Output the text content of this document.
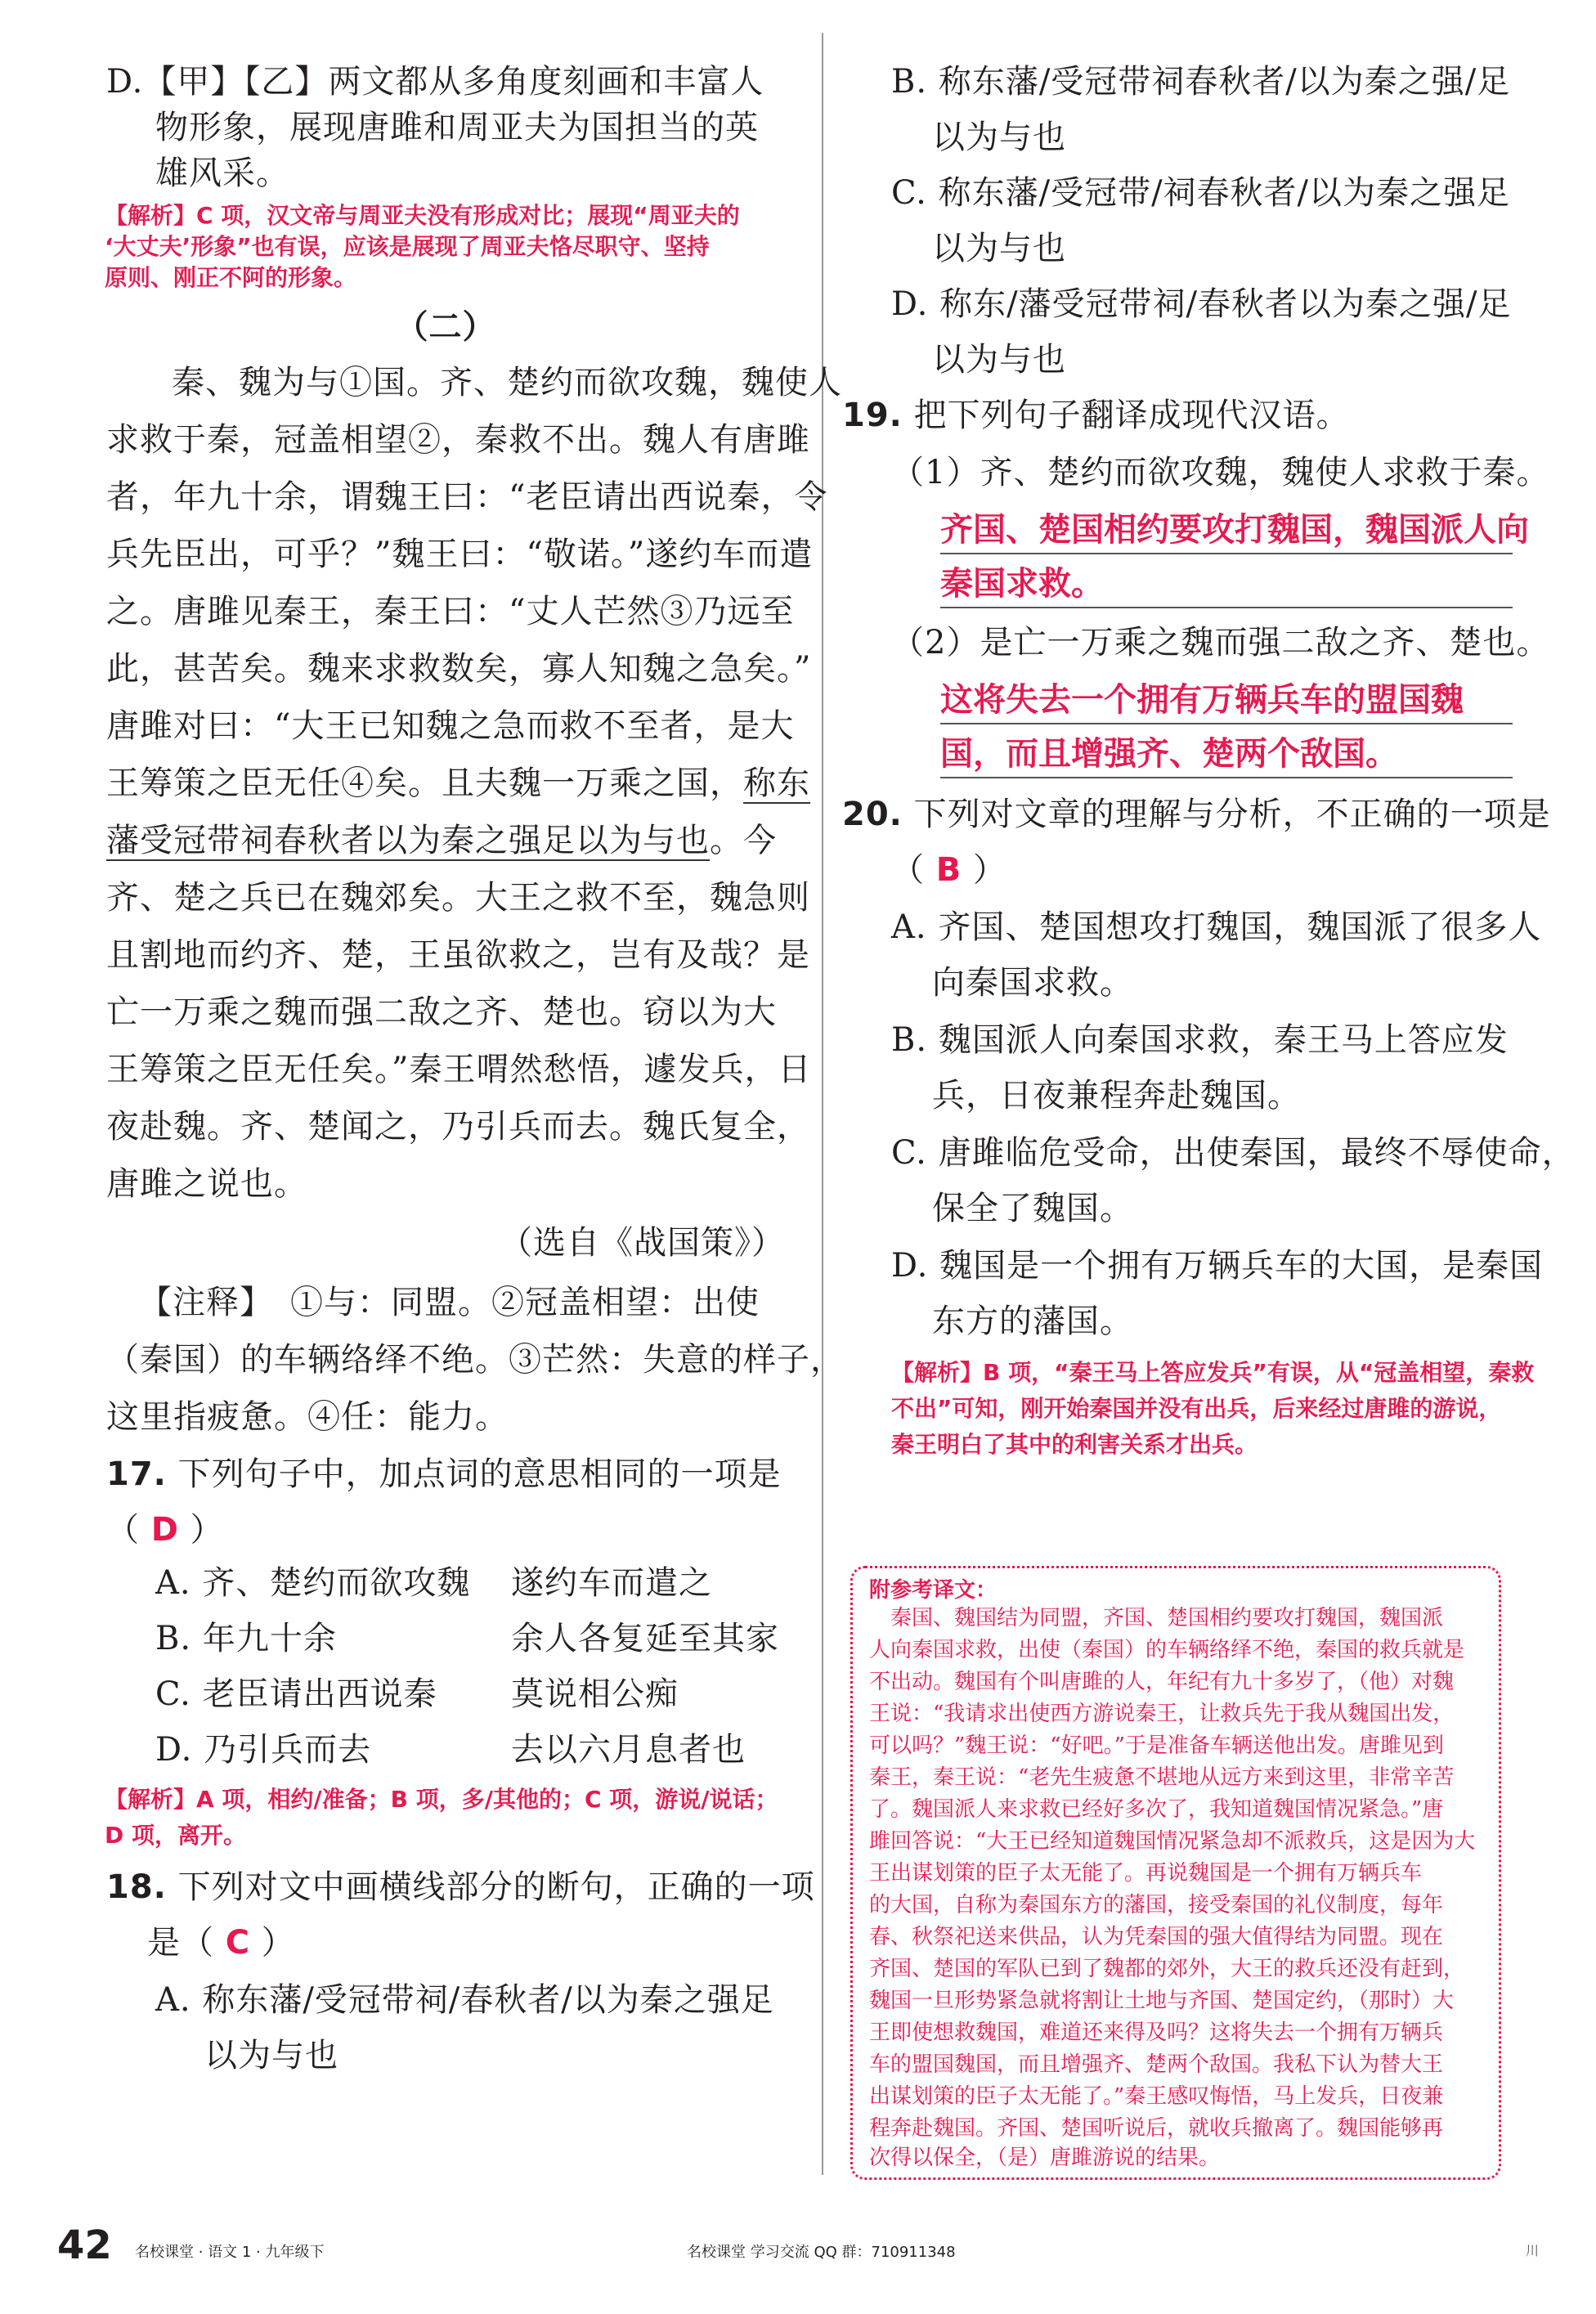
D.【甲】【乙】两文都从多角度刻画和丰富人
物形象，展现唐雎和周亚夫为国担当的英
雄风采。
【解析】C 项，汉文帝与周亚夫没有形成对比；展现“周亚夫的
‘大丈夫’形象”也有误，应该是展现了周亚夫恪尽职守、坚持
原则、刚正不阿的形象。
（二）
秦、魏为与①国。齐、楚约而欲攻魏，魏使人
求救于秦，冠盖相望②，秦救不出。魏人有唐雎
者，年九十余，谓魏王曰：“老臣请出西说秦，令
兵先臣出，可乎？”魏王曰：“敬诺。”遂约车而遣
之。唐雎见秦王，秦王曰：“丈人芒然③乃远至
此，甚苦矣。魏来求救数矣，寡人知魏之急矣。”
唐雎对曰：“大王已知魏之急而救不至者，是大
王筹策之臣无任④矣。且夫魏一万乘之国，称东
藩受冠带祠春秋者以为秦之强足以为与也。今
齐、楚之兵已在魏郊矣。大王之救不至，魏急则
且割地而约齐、楚，王虽欲救之，岂有及哉？是
亡一万乘之魏而强二敌之齐、楚也。窃以为大
王筹策之臣无任矣。”秦王喟然愁悟，遽发兵，日
夜赴魏。齐、楚闻之，乃引兵而去。魏氏复全，
唐雎之说也。
（选自《战国策》）
【注释】　①与：同盟。②冠盖相望：出使
（秦国）的车辆络绎不绝。③芒然：失意的样子，
这里指疲惫。④任：能力。
17. 下列句子中，加点词的意思相同的一项是
（ D ）
A. 齐、楚约而欲攻魏 遂约车而遣之
B. 年九十余	余人各复延至其家
C. 老臣请出西说秦 莫说相公痴
D. 乃引兵而去	去以六月息者也
【解析】A 项，相约/准备；B 项，多/其他的；C 项，游说/说话；
D 项，离开。
18. 下列对文中画横线部分的断句，正确的一项
是（ C ）
A. 称东藩/受冠带祠/春秋者/以为秦之强足
以为与也
B. 称东藩/受冠带祠春秋者/以为秦之强/足
以为与也
C. 称东藩/受冠带/祠春秋者/以为秦之强足
以为与也
D. 称东/藩受冠带祠/春秋者以为秦之强/足
以为与也
19. 把下列句子翻译成现代汉语。
（1）齐、楚约而欲攻魏，魏使人求救于秦。
齐国、楚国相约要攻打魏国，魏国派人向
秦国求救。
（2）是亡一万乘之魏而强二敌之齐、楚也。
这将失去一个拥有万辆兵车的盟国魏
国，而且增强齐、楚两个敌国。
20. 下列对文章的理解与分析，不正确的一项是
（ B ）
A. 齐国、楚国想攻打魏国，魏国派了很多人
向秦国求救。
B. 魏国派人向秦国求救，秦王马上答应发
兵，日夜兼程奔赴魏国。
C. 唐雎临危受命，出使秦国，最终不辱使命，
保全了魏国。
D. 魏国是一个拥有万辆兵车的大国，是秦国
东方的藩国。
【解析】B 项，“秦王马上答应发兵”有误，从“冠盖相望，秦救
不出”可知，刚开始秦国并没有出兵，后来经过唐雎的游说，
秦王明白了其中的利害关系才出兵。
附参考译文：
　秦国、魏国结为同盟，齐国、楚国相约要攻打魏国，魏国派
人向秦国求救，出使（秦国）的车辆络绎不绝，秦国的救兵就是
不出动。魏国有个叫唐雎的人，年纪有九十多岁了，（他）对魏
王说：“我请求出使西方游说秦王，让救兵先于我从魏国出发，
可以吗？”魏王说：“好吧。”于是准备车辆送他出发。唐雎见到
秦王，秦王说：“老先生疲惫不堪地从远方来到这里，非常辛苦
了。魏国派人来求救已经好多次了，我知道魏国情况紧急。”唐
雎回答说：“大王已经知道魏国情况紧急却不派救兵，这是因为大
王出谋划策的臣子太无能了。再说魏国是一个拥有万辆兵车
的大国，自称为秦国东方的藩国，接受秦国的礼仪制度，每年
春、秋祭祀送来供品，认为凭秦国的强大值得结为同盟。现在
齐国、楚国的军队已到了魏都的郊外，大王的救兵还没有赶到，
魏国一旦形势紧急就将割让土地与齐国、楚国定约，（那时）大
王即使想救魏国，难道还来得及吗？这将失去一个拥有万辆兵
车的盟国魏国，而且增强齐、楚两个敌国。我私下认为替大王
出谋划策的臣子太无能了。”秦王感叹悔悟，马上发兵，日夜兼
程奔赴魏国。齐国、楚国听说后，就收兵撤离了。魏国能够再
次得以保全，（是）唐雎游说的结果。
42 名校课堂 · 语文 1 · 九年级下	名校课堂 学习交流 QQ 群：710911348	川
